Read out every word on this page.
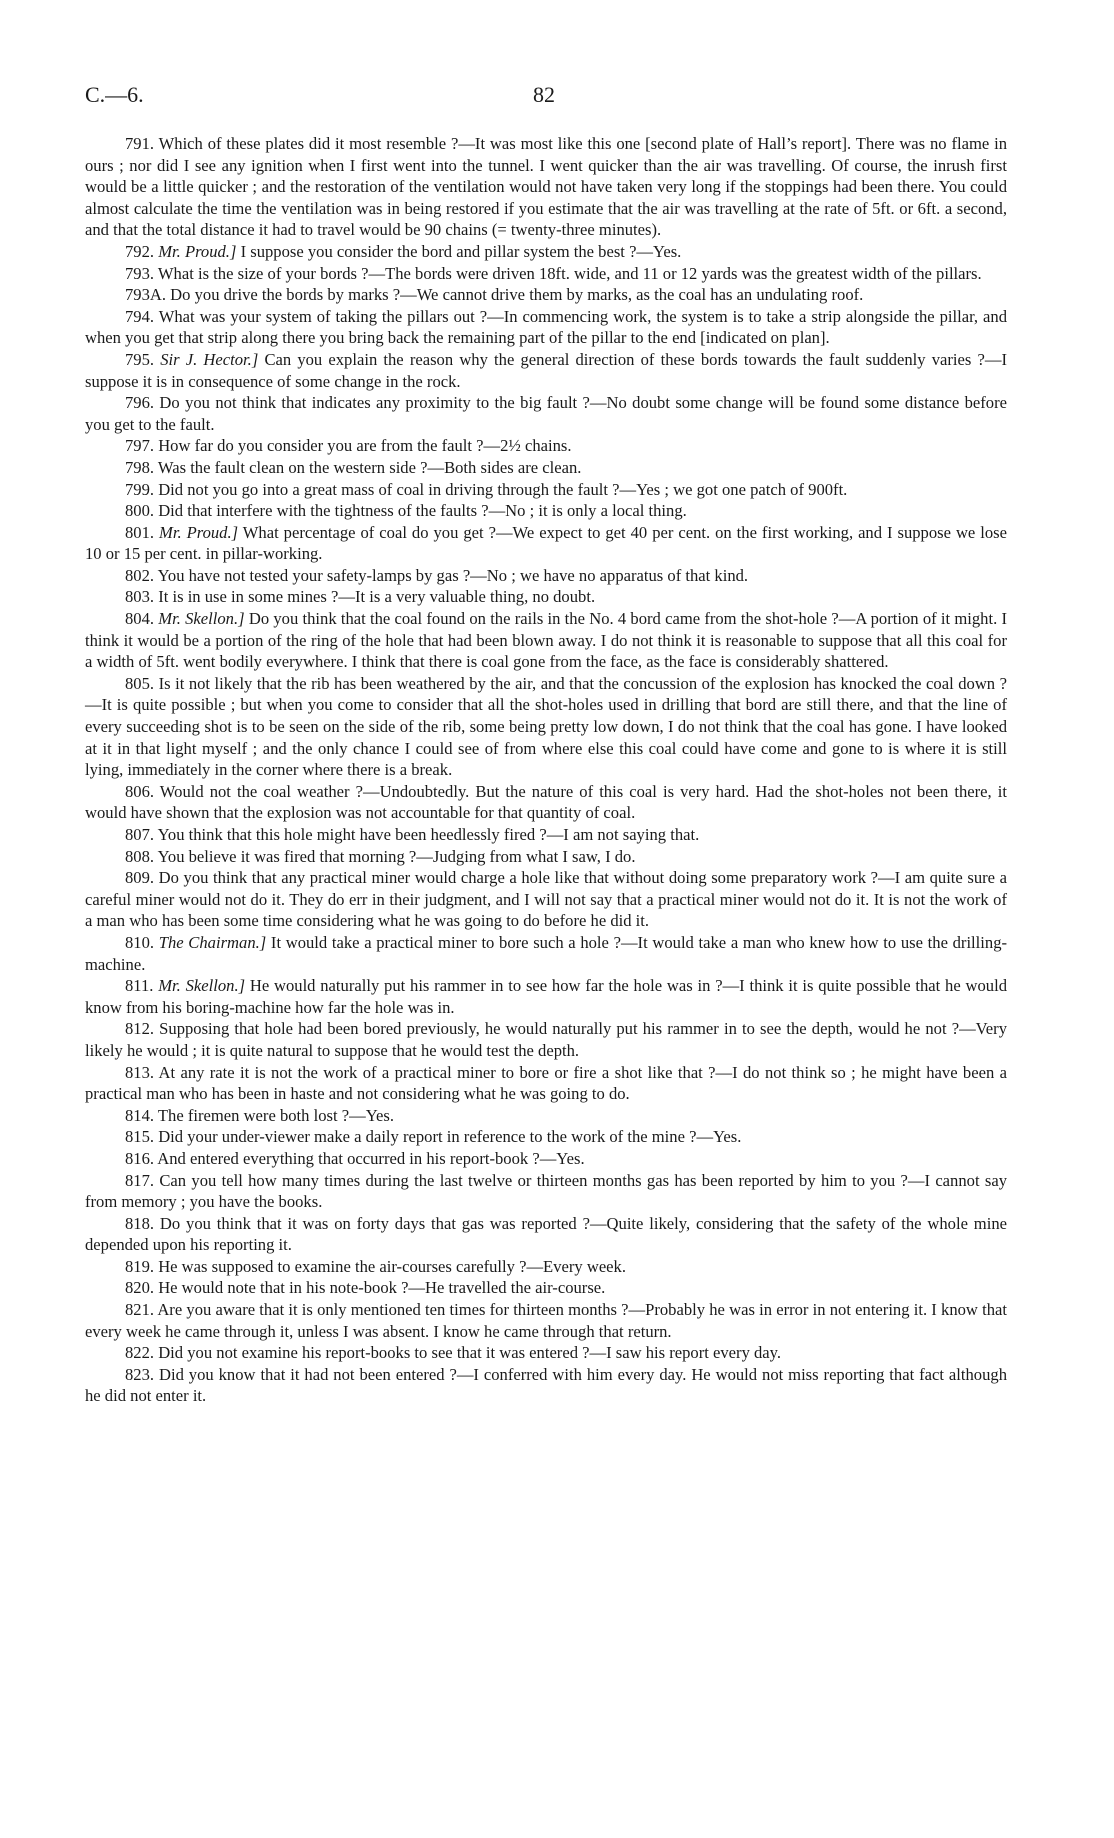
C.—6.	82

791. Which of these plates did it most resemble ?—It was most like this one [second plate of Hall’s report]. There was no flame in ours ; nor did I see any ignition when I first went into the tunnel. I went quicker than the air was travelling. Of course, the inrush first would be a little quicker ; and the restoration of the ventilation would not have taken very long if the stoppings had been there. You could almost calculate the time the ventilation was in being restored if you estimate that the air was travelling at the rate of 5ft. or 6ft. a second, and that the total distance it had to travel would be 90 chains (= twenty-three minutes).

792. Mr. Proud.] I suppose you consider the bord and pillar system the best ?—Yes.

793. What is the size of your bords ?—The bords were driven 18ft. wide, and 11 or 12 yards was the greatest width of the pillars.

793A. Do you drive the bords by marks ?—We cannot drive them by marks, as the coal has an undulating roof.

794. What was your system of taking the pillars out ?—In commencing work, the system is to take a strip alongside the pillar, and when you get that strip along there you bring back the remaining part of the pillar to the end [indicated on plan].

795. Sir J. Hector.] Can you explain the reason why the general direction of these bords towards the fault suddenly varies ?—I suppose it is in consequence of some change in the rock.

796. Do you not think that indicates any proximity to the big fault ?—No doubt some change will be found some distance before you get to the fault.

797. How far do you consider you are from the fault ?—2½ chains.

798. Was the fault clean on the western side ?—Both sides are clean.

799. Did not you go into a great mass of coal in driving through the fault ?—Yes ; we got one patch of 900ft.

800. Did that interfere with the tightness of the faults ?—No ; it is only a local thing.

801. Mr. Proud.] What percentage of coal do you get ?—We expect to get 40 per cent. on the first working, and I suppose we lose 10 or 15 per cent. in pillar-working.

802. You have not tested your safety-lamps by gas ?—No ; we have no apparatus of that kind.

803. It is in use in some mines ?—It is a very valuable thing, no doubt.

804. Mr. Skellon.] Do you think that the coal found on the rails in the No. 4 bord came from the shot-hole ?—A portion of it might. I think it would be a portion of the ring of the hole that had been blown away. I do not think it is reasonable to suppose that all this coal for a width of 5ft. went bodily everywhere. I think that there is coal gone from the face, as the face is considerably shattered.

805. Is it not likely that the rib has been weathered by the air, and that the concussion of the explosion has knocked the coal down ?—It is quite possible ; but when you come to consider that all the shot-holes used in drilling that bord are still there, and that the line of every succeeding shot is to be seen on the side of the rib, some being pretty low down, I do not think that the coal has gone. I have looked at it in that light myself ; and the only chance I could see of from where else this coal could have come and gone to is where it is still lying, immediately in the corner where there is a break.

806. Would not the coal weather ?—Undoubtedly. But the nature of this coal is very hard. Had the shot-holes not been there, it would have shown that the explosion was not accountable for that quantity of coal.

807. You think that this hole might have been heedlessly fired ?—I am not saying that.

808. You believe it was fired that morning ?—Judging from what I saw, I do.

809. Do you think that any practical miner would charge a hole like that without doing some preparatory work ?—I am quite sure a careful miner would not do it. They do err in their judgment, and I will not say that a practical miner would not do it. It is not the work of a man who has been some time considering what he was going to do before he did it.

810. The Chairman.] It would take a practical miner to bore such a hole ?—It would take a man who knew how to use the drilling-machine.

811. Mr. Skellon.] He would naturally put his rammer in to see how far the hole was in ?—I think it is quite possible that he would know from his boring-machine how far the hole was in.

812. Supposing that hole had been bored previously, he would naturally put his rammer in to see the depth, would he not ?—Very likely he would ; it is quite natural to suppose that he would test the depth.

813. At any rate it is not the work of a practical miner to bore or fire a shot like that ?—I do not think so ; he might have been a practical man who has been in haste and not considering what he was going to do.

814. The firemen were both lost ?—Yes.

815. Did your under-viewer make a daily report in reference to the work of the mine ?—Yes.

816. And entered everything that occurred in his report-book ?—Yes.

817. Can you tell how many times during the last twelve or thirteen months gas has been reported by him to you ?—I cannot say from memory ; you have the books.

818. Do you think that it was on forty days that gas was reported ?—Quite likely, considering that the safety of the whole mine depended upon his reporting it.

819. He was supposed to examine the air-courses carefully ?—Every week.

820. He would note that in his note-book ?—He travelled the air-course.

821. Are you aware that it is only mentioned ten times for thirteen months ?—Probably he was in error in not entering it. I know that every week he came through it, unless I was absent. I know he came through that return.

822. Did you not examine his report-books to see that it was entered ?—I saw his report every day.

823. Did you know that it had not been entered ?—I conferred with him every day. He would not miss reporting that fact although he did not enter it.
